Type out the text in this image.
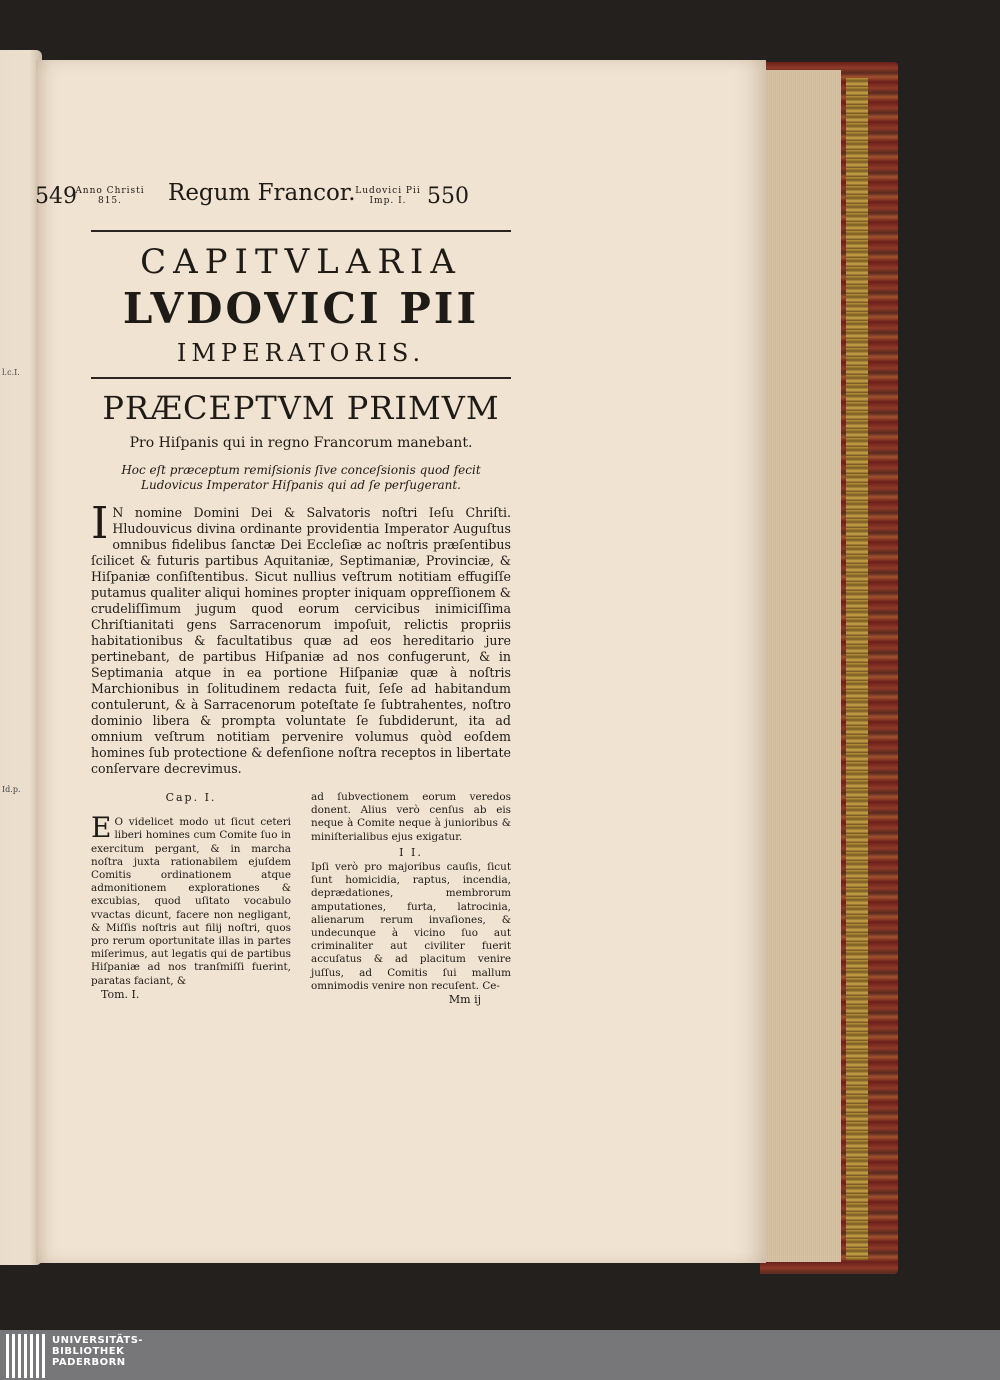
l.c.I.
Id.p.
549
Anno Christi
815.	Regum Francor. Ludovici Pii
Imp. I. 550
CAPITVLARIA
LVDOVICI PII
IMPERATORIS.
PRÆCEPTVM PRIMVM
Pro Hiſpanis qui in regno Francorum manebant.
Hoc eſt præceptum remiſsionis ſive conceſsionis quod fecit Ludovicus Imperator Hiſpanis qui ad ſe perſugerant.
I N nomine Domini Dei & Salvatoris noſtri Ieſu Chriſti. Hludouvicus divina ordinante providentia Imperator Auguſtus omnibus fidelibus ſanctæ Dei Eccleſiæ ac noſtris præſentibus ſcilicet & futuris partibus Aquitaniæ, Septimaniæ, Provinciæ, & Hiſpaniæ conſiſtentibus. Sicut nullius veſtrum notitiam effugiſſe putamus qualiter aliqui homines propter iniquam oppreſſionem & crudeliſſimum jugum quod eorum cervicibus inimiciſſima Chriſtianitati gens Sarracenorum impoſuit, relictis propriis habitationibus & facultatibus quæ ad eos hereditario jure pertinebant, de partibus Hiſpaniæ ad nos confugerunt, & in Septimania atque in ea portione Hiſpaniæ quæ à noſtris Marchionibus in ſolitudinem redacta fuit, ſeſe ad habitandum contulerunt, & à Sarracenorum poteſtate ſe ſubtrahentes, noſtro dominio libera & prompta voluntate ſe ſubdiderunt, ita ad omnium veſtrum notitiam pervenire volumus quòd eoſdem homines ſub protectione & defenſione noſtra receptos in libertate conſervare decrevimus.
Cap. I.
E O videlicet modo ut ſicut ceteri liberi homines cum Comite ſuo in exercitum pergant, & in marcha noſtra juxta rationabilem ejuſdem Comitis ordinationem atque admonitionem explorationes & excubias, quod uſitato vocabulo vvactas dicunt, facere non negligant, & Miſſis noſtris aut filij noſtri, quos pro rerum oportunitate illas in partes miſerimus, aut legatis qui de partibus Hiſpaniæ ad nos tranſmiſſi fuerint, paratas faciant, &
Tom. I.
ad ſubvectionem eorum veredos donent. Alius verò cenſus ab eis neque à Comite neque à junioribus & miniſterialibus ejus exigatur.
I I.
Ipſi verò pro majoribus cauſis, ſicut ſunt homicidia, raptus, incendia, deprædationes, membrorum amputationes, furta, latrocinia, alienarum rerum invaſiones, & undecunque à vicino ſuo aut criminaliter aut civiliter fuerit accuſatus & ad placitum venire juſſus, ad Comitis ſui mallum omnimodis venire non recuſent. Ce-
Mm ij
UNIVERSITÄTS-
BIBLIOTHEK
PADERBORN
